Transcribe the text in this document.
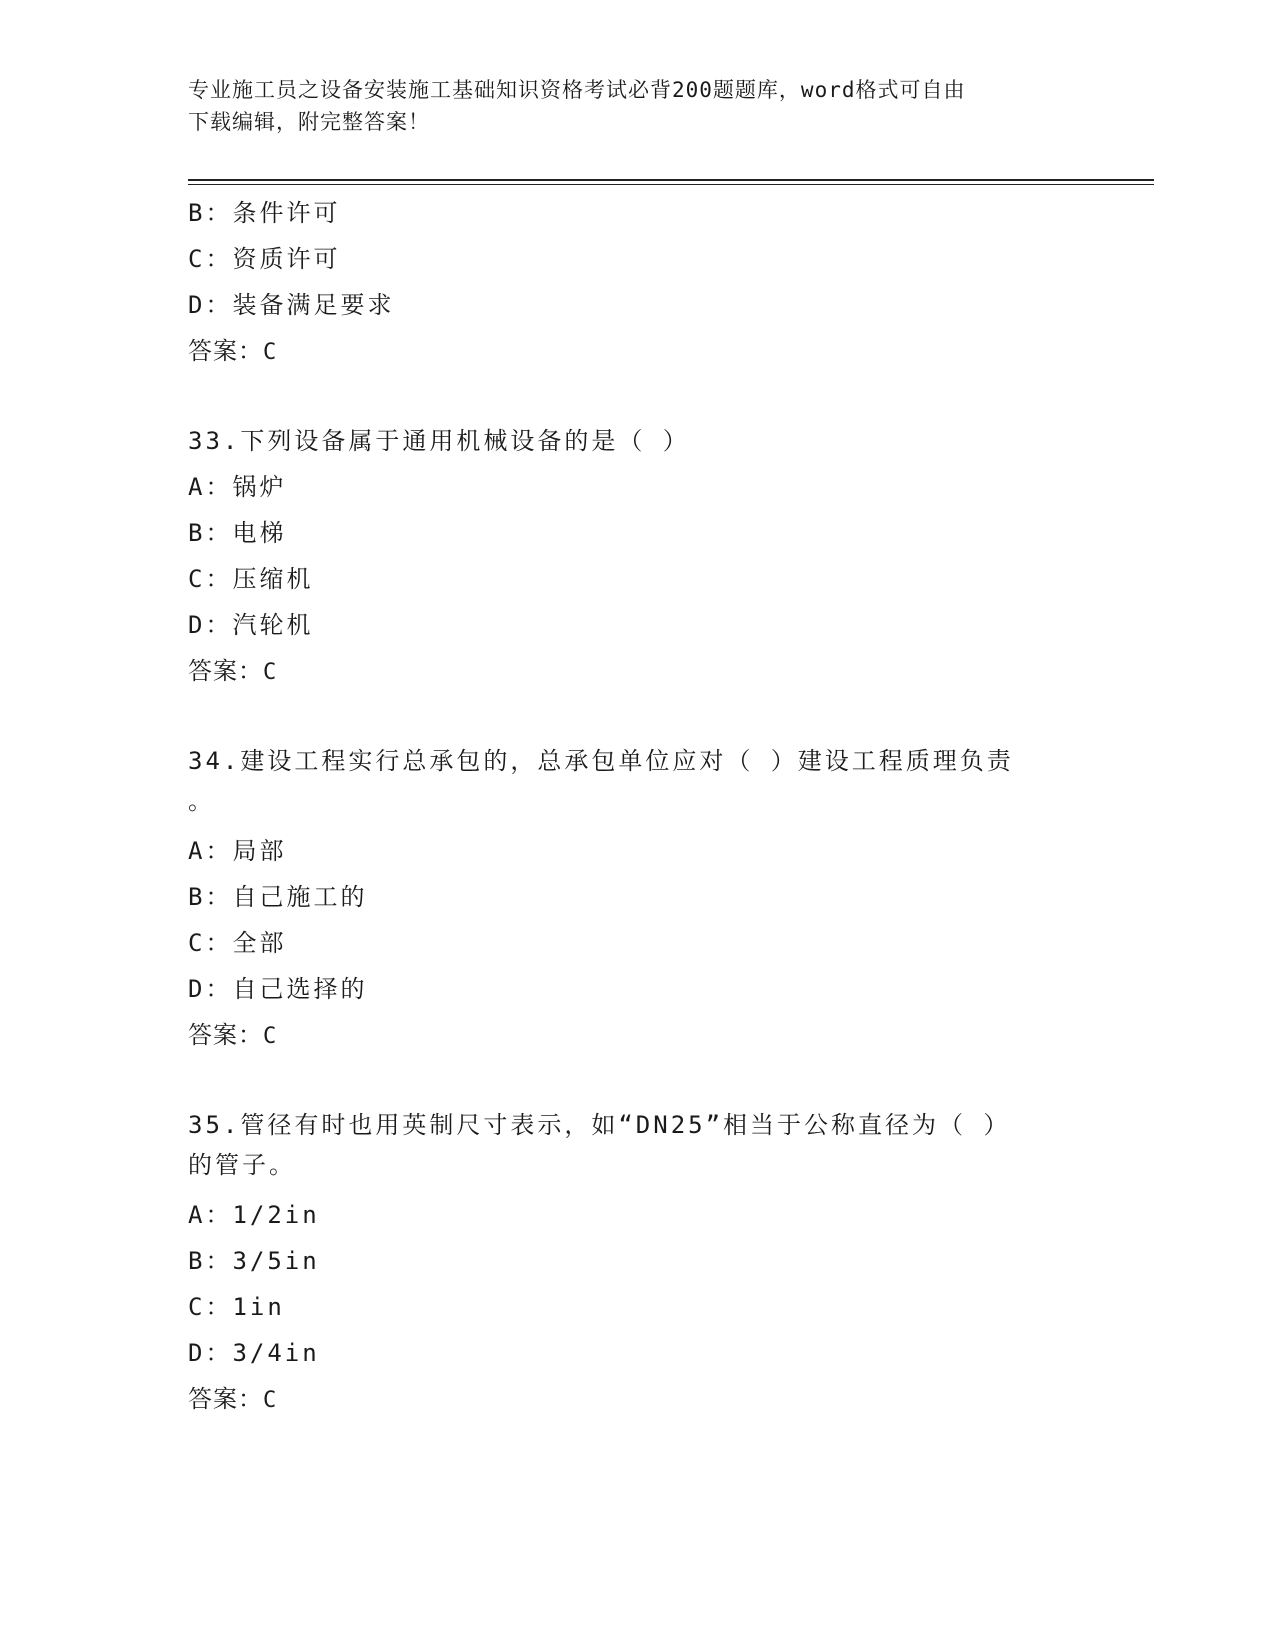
专业施工员之设备安装施工基础知识资格考试必背200题题库，word格式可自由
下载编辑，附完整答案！
B：条件许可
C：资质许可
D：装备满足要求
答案：C
33.下列设备属于通用机械设备的是（ ）
A：锅炉
B：电梯
C：压缩机
D：汽轮机
答案：C
34.建设工程实行总承包的，总承包单位应对（ ）建设工程质理负责
。
A：局部
B：自己施工的
C：全部
D：自己选择的
答案：C
35.管径有时也用英制尺寸表示，如“DN25”相当于公称直径为（ ）
的管子。
A：1/2in
B：3/5in
C：1in
D：3/4in
答案：C
